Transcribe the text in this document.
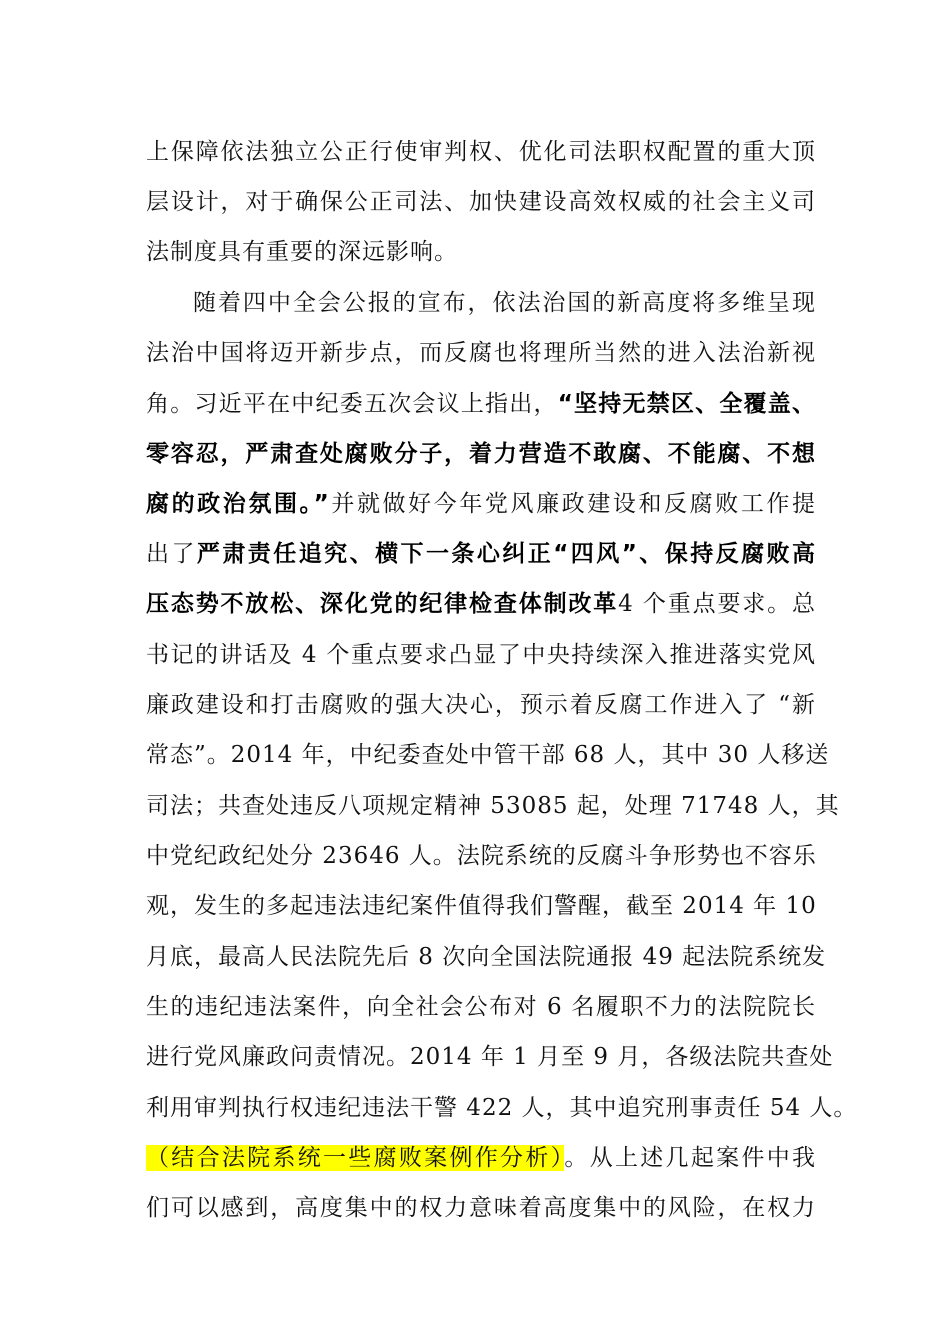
上保障依法独立公正行使审判权、优化司法职权配置的重大顶
层设计，对于确保公正司法、加快建设高效权威的社会主义司
法制度具有重要的深远影响。
随着四中全会公报的宣布，依法治国的新高度将多维呈现
法治中国将迈开新步点，而反腐也将理所当然的进入法治新视
角。习近平在中纪委五次会议上指出，“坚持无禁区、全覆盖、
零容忍，严肃查处腐败分子，着力营造不敢腐、不能腐、不想
腐的政治氛围。”并就做好今年党风廉政建设和反腐败工作提
出了严肃责任追究、横下一条心纠正“四风”、保持反腐败高
压态势不放松、深化党的纪律检查体制改革4 个重点要求。总
书记的讲话及 4 个重点要求凸显了中央持续深入推进落实党风
廉政建设和打击腐败的强大决心，预示着反腐工作进入了 “新
常态”。2014 年，中纪委查处中管干部 68 人，其中 30 人移送
司法；共查处违反八项规定精神 53085 起，处理 71748 人，其
中党纪政纪处分 23646 人。法院系统的反腐斗争形势也不容乐
观，发生的多起违法违纪案件值得我们警醒，截至 2014 年 10
月底，最高人民法院先后 8 次向全国法院通报 49 起法院系统发
生的违纪违法案件，向全社会公布对 6 名履职不力的法院院长
进行党风廉政问责情况。2014 年 1 月至 9 月，各级法院共查处
利用审判执行权违纪违法干警 422 人，其中追究刑事责任 54 人。
（结合法院系统一些腐败案例作分析）。从上述几起案件中我
们可以感到，高度集中的权力意味着高度集中的风险，在权力
